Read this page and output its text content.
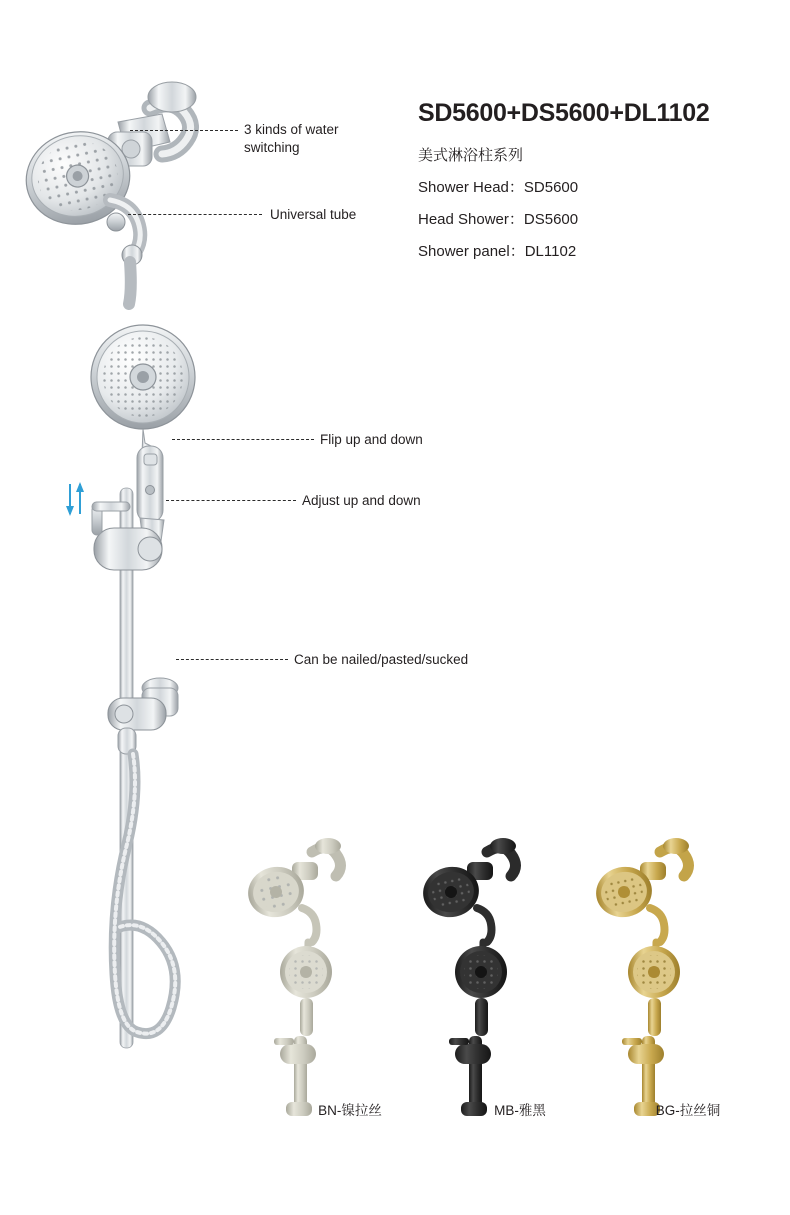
3 kinds of water
switching
Universal tube
Flip up and down
Adjust up and down
Can be nailed/pasted/sucked
SD5600+DS5600+DL1102
美式淋浴柱系列
Shower Head：SD5600
Head Shower：DS5600
Shower panel：DL1102
BN-镍拉丝	MB-雅黑	BG-拉丝铜
